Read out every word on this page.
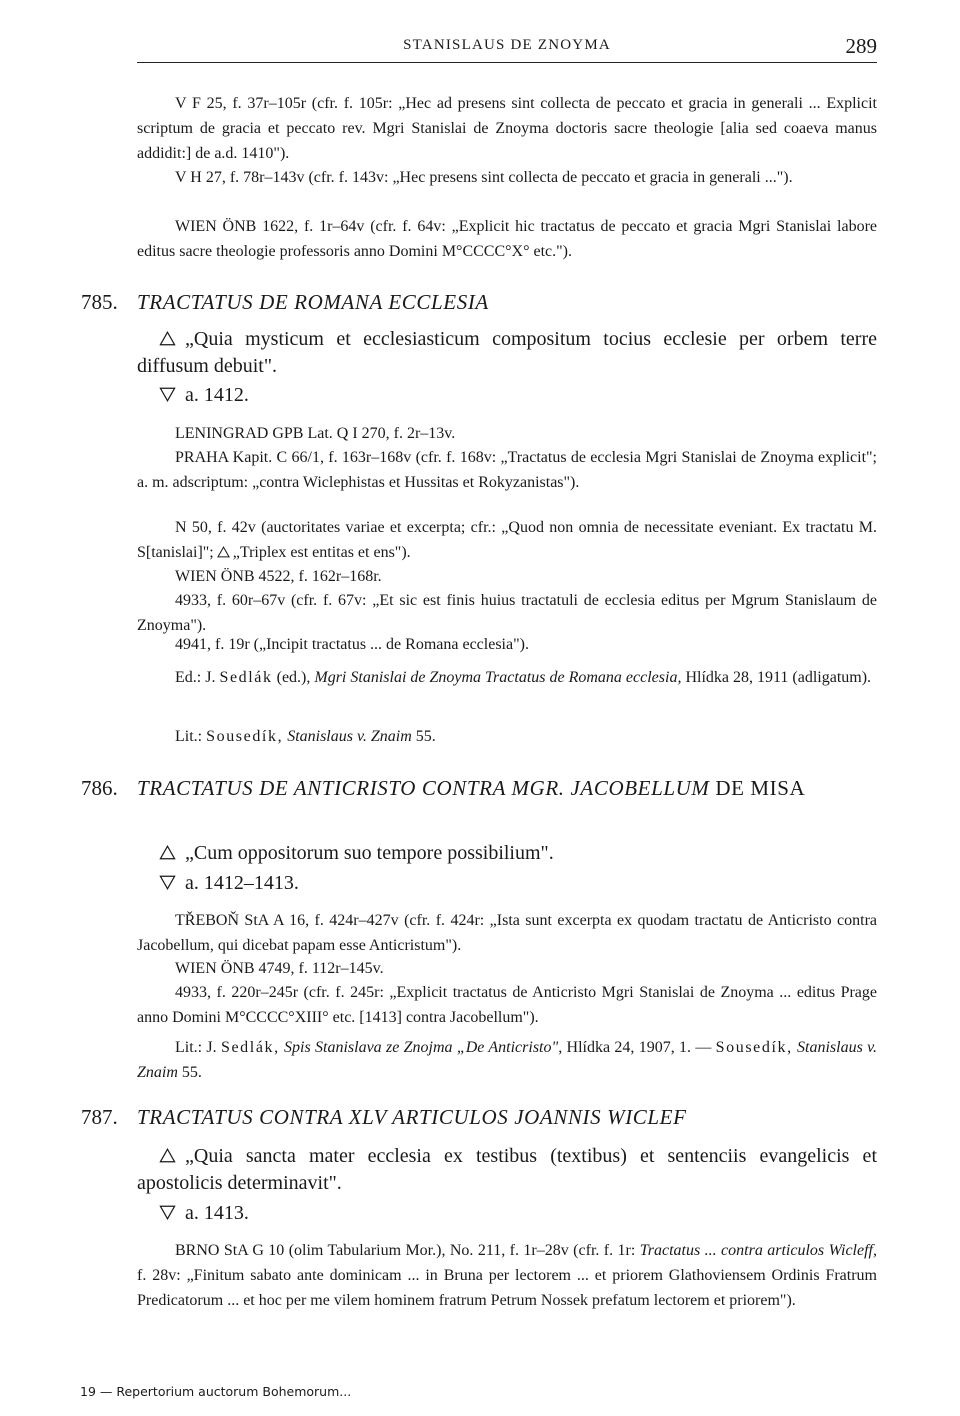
STANISLAUS DE ZNOYMA	289
V F 25, f. 37r–105r (cfr. f. 105r: „Hec ad presens sint collecta de peccato et gracia in generali ... Explicit scriptum de gracia et peccato rev. Mgri Stanislai de Znoyma doctoris sacre theologie [alia sed coaeva manus addidit:] de a.d. 1410").
V H 27, f. 78r–143v (cfr. f. 143v: „Hec presens sint collecta de peccato et gracia in generali ...").
WIEN ÖNB 1622, f. 1r–64v (cfr. f. 64v: „Explicit hic tractatus de peccato et gracia Mgri Stanislai labore editus sacre theologie professoris anno Domini M°CCCC°X° etc.").
785. TRACTATUS DE ROMANA ECCLESIA
„Quia mysticum et ecclesiasticum compositum tocius ecclesie per orbem terre diffusum debuit".
a. 1412.
LENINGRAD GPB Lat. Q I 270, f. 2r–13v.
PRAHA Kapit. C 66/1, f. 163r–168v (cfr. f. 168v: „Tractatus de ecclesia Mgri Stanislai de Znoyma explicit"; a. m. adscriptum: „contra Wiclephistas et Hussitas et Rokyzanistas").
N 50, f. 42v (auctoritates variae et excerpta; cfr.: „Quod non omnia de necessitate eveniant. Ex tractatu M. S[tanislai]"; „Triplex est entitas et ens").
WIEN ÖNB 4522, f. 162r–168r.
4933, f. 60r–67v (cfr. f. 67v: „Et sic est finis huius tractatuli de ecclesia editus per Mgrum Stanislaum de Znoyma").
4941, f. 19r („Incipit tractatus ... de Romana ecclesia").
Ed.: J. Sedlák (ed.), Mgri Stanislai de Znoyma Tractatus de Romana ecclesia, Hlídka 28, 1911 (adligatum).
Lit.: Sousedík, Stanislaus v. Znaim 55.
786. TRACTATUS DE ANTICRISTO CONTRA MGR. JACOBELLUM DE MISA
„Cum oppositorum suo tempore possibilium".
a. 1412–1413.
TŘEBOŇ StA A 16, f. 424r–427v (cfr. f. 424r: „Ista sunt excerpta ex quodam tractatu de Anticristo contra Jacobellum, qui dicebat papam esse Anticristum").
WIEN ÖNB 4749, f. 112r–145v.
4933, f. 220r–245r (cfr. f. 245r: „Explicit tractatus de Anticristo Mgri Stanislai de Znoyma ... editus Prage anno Domini M°CCCC°XIII° etc. [1413] contra Jacobellum").
Lit.: J. Sedlák, Spis Stanislava ze Znojma „De Anticristo", Hlídka 24, 1907, 1. — Sousedík, Stanislaus v. Znaim 55.
787. TRACTATUS CONTRA XLV ARTICULOS JOANNIS WICLEF
„Quia sancta mater ecclesia ex testibus (textibus) et sentenciis evangelicis et apostolicis determinavit".
a. 1413.
BRNO StA G 10 (olim Tabularium Mor.), No. 211, f. 1r–28v (cfr. f. 1r: Tractatus ... contra articulos Wicleff, f. 28v: „Finitum sabato ante dominicam ... in Bruna per lectorem ... et priorem Glathoviensem Ordinis Fratrum Predicatorum ... et hoc per me vilem hominem fratrum Petrum Nossek prefatum lectorem et priorem").
19 — Repertorium auctorum Bohemorum...
